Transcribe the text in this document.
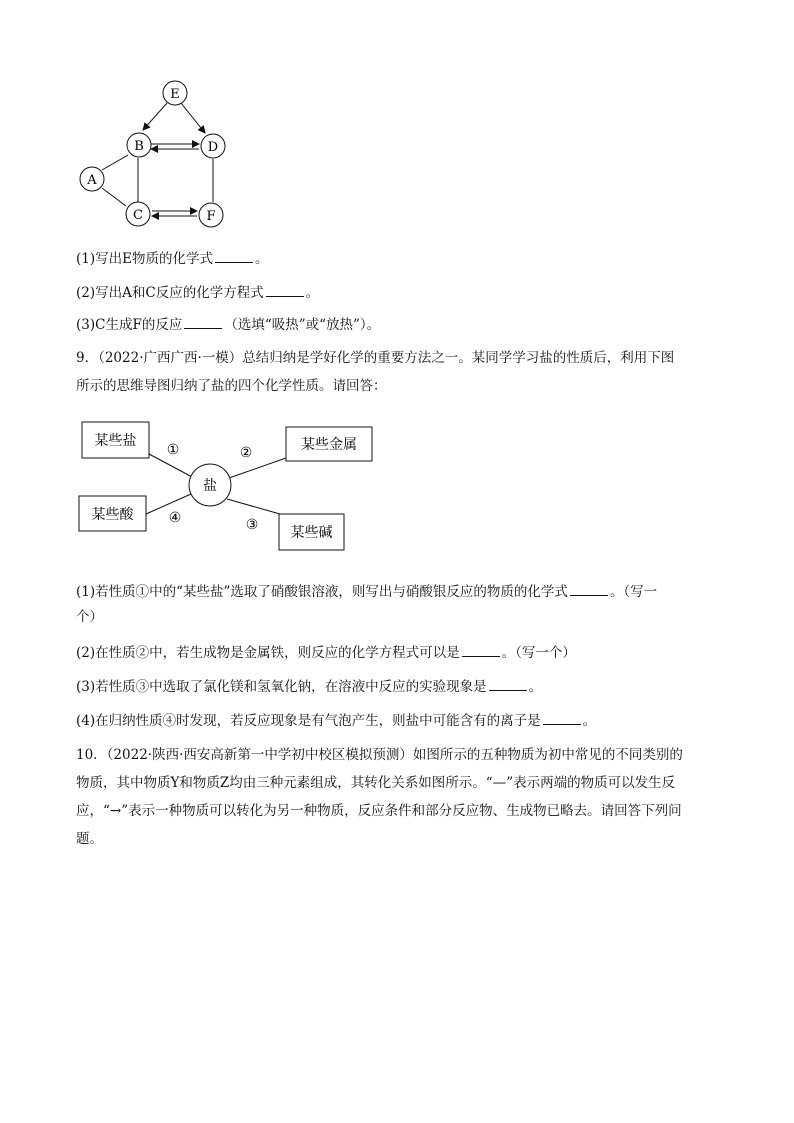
E
B	D
A
C	F
(1)写出E物质的化学式	。
(2)写出A和C反应的化学方程式	。
(3)C生成F的反应	（选填“吸热”或“放热”）。
9．（2022·广西广西·一模）总结归纳是学好化学的重要方法之一。某同学学习盐的性质后，利用下图
所示的思维导图归纳了盐的四个化学性质。请回答：
某些盐	某些金属
某些酸
某些碱
盐
①	②
③
④
(1)若性质①中的“某些盐”选取了硝酸银溶液，则写出与硝酸银反应的物质的化学式	。（写一
个）
(2)在性质②中，若生成物是金属铁，则反应的化学方程式可以是	。（写一个）
(3)若性质③中选取了氯化镁和氢氧化钠，在溶液中反应的实验现象是	。
(4)在归纳性质④时发现，若反应现象是有气泡产生，则盐中可能含有的离子是	。
10．（2022·陕西·西安高新第一中学初中校区模拟预测）如图所示的五种物质为初中常见的不同类别的
物质，其中物质Y和物质Z均由三种元素组成，其转化关系如图所示。“—”表示两端的物质可以发生反
应，“→”表示一种物质可以转化为另一种物质，反应条件和部分反应物、生成物已略去。请回答下列问
题。
